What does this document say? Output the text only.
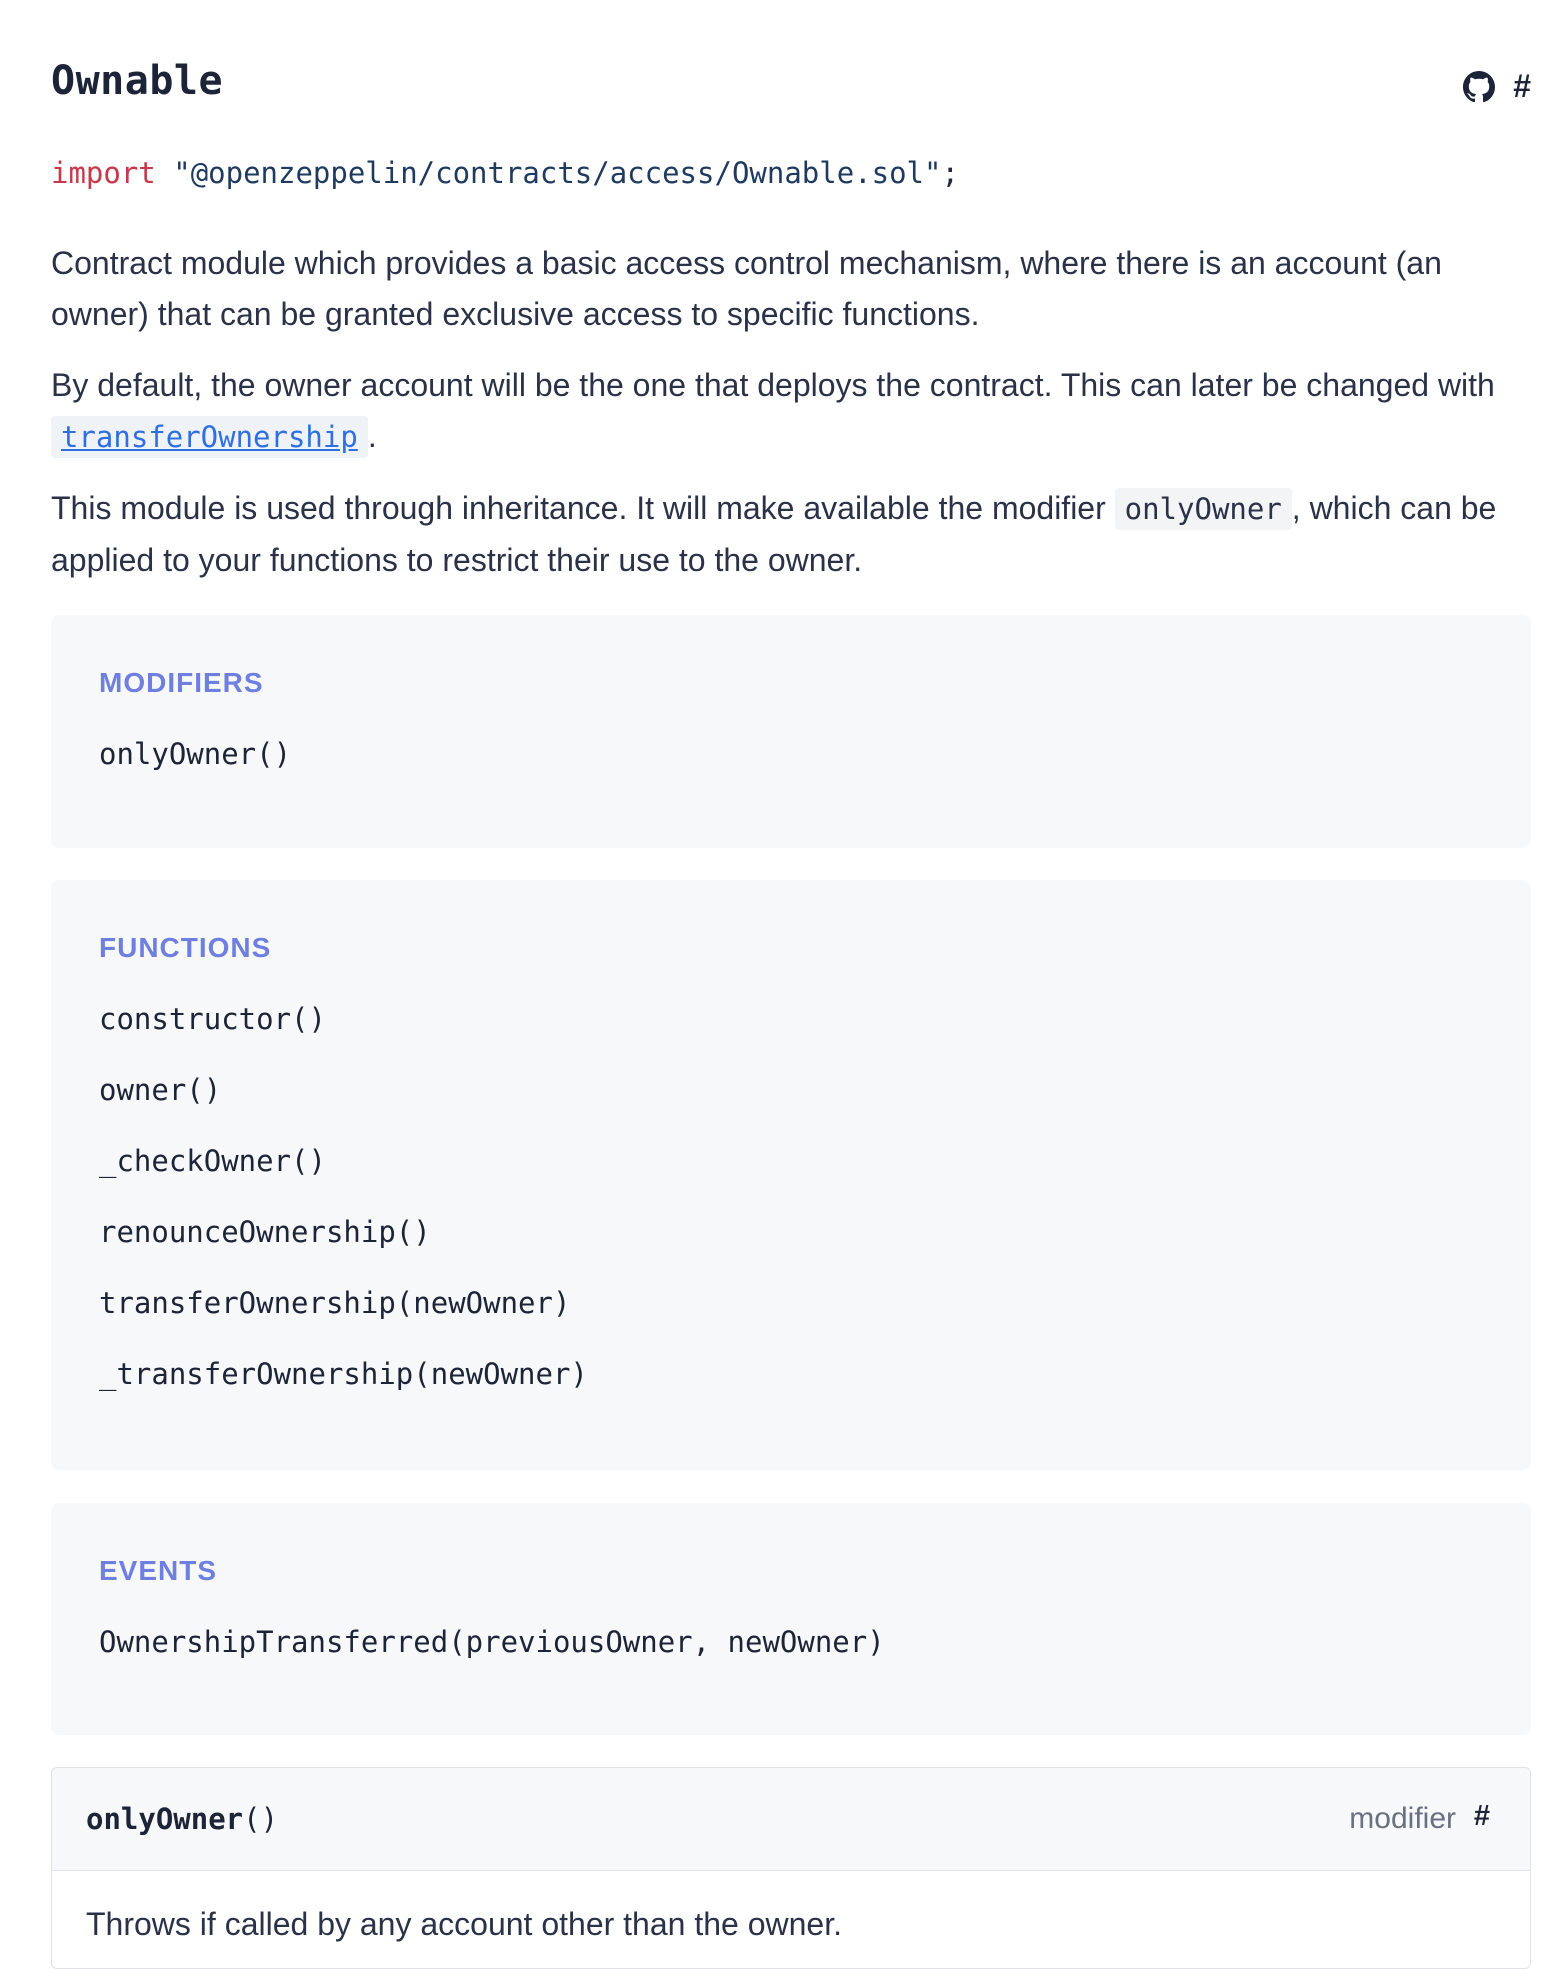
Ownable	#
import "@openzeppelin/contracts/access/Ownable.sol";

Contract module which provides a basic access control mechanism, where there is an account (an owner) that can be granted exclusive access to specific functions.

By default, the owner account will be the one that deploys the contract. This can later be changed with transferOwnership .

This module is used through inheritance. It will make available the modifier onlyOwner , which can be applied to your functions to restrict their use to the owner.

MODIFIERS
onlyOwner()
FUNCTIONS
constructor()
owner()
_checkOwner()
renounceOwnership()
transferOwnership(newOwner)
_transferOwnership(newOwner)
EVENTS
OwnershipTransferred(previousOwner, newOwner)
onlyOwner()	modifier #
Throws if called by any account other than the owner.
